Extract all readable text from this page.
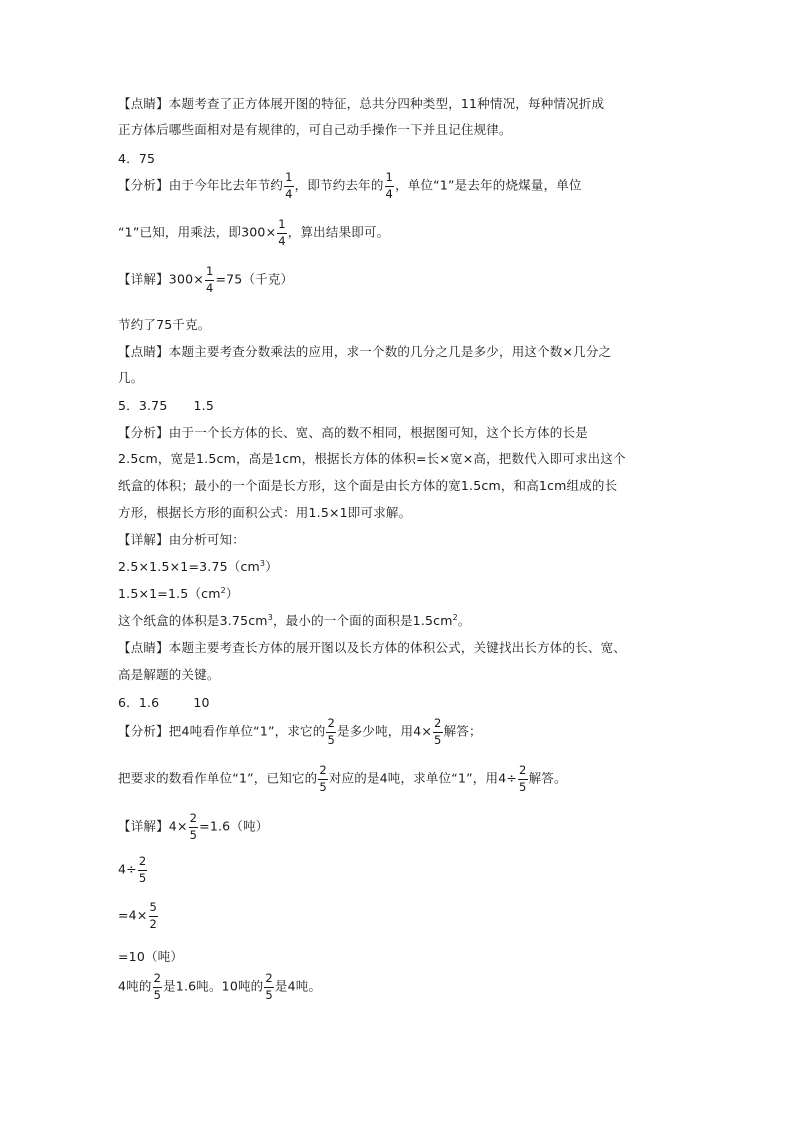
【点睛】本题考查了正方体展开图的特征，总共分四种类型，11种情况，每种情况折成
正方体后哪些面相对是有规律的，可自己动手操作一下并且记住规律。
4．75
【分析】由于今年比去年节约 $\frac{1}{4}$ ，即节约去年的 $\frac{1}{4}$ ，单位“1”是去年的烧煤量，单位
“1”已知，用乘法，即$300\times \frac{1}{4}$ ，算出结果即可。
【详解】$300\times \frac{1}{4} =75$（千克）
节约了75千克。
【点睛】本题主要考查分数乘法的应用，求一个数的几分之几是多少，用这个数×几分之
几。
5．3.75 1.5
【分析】由于一个长方体的长、宽、高的数不相同，根据图可知，这个长方体的长是
2.5cm，宽是1.5cm，高是1cm，根据长方体的体积=长×宽×高，把数代入即可求出这个
纸盒的体积；最小的一个面是长方形，这个面是由长方体的宽1.5cm，和高1cm组成的长
方形，根据长方形的面积公式：用1.5×1即可求解。
【详解】由分析可知：
$2.5\times 1.5\times 1=3.75(cm^3)$
$1.5\times 1=1.5(cm^2)$
这个纸盒的体积是$3.75cm^3$，最小的一个面的面积是$1.5cm^2$。
【点睛】本题主要考查长方体的展开图以及长方体的体积公式，关键找出长方体的长、宽、
高是解题的关键。
6．1.6	10
【分析】把4吨看作单位“1”，求它的 $\frac{2}{5}$ 是多少吨，用$4\times \frac{2}{5}$ 解答；
把要求的数看作单位“1”，已知它的 $\frac{2}{5}$ 对应的是4吨，求单位“1”，用$4\div \frac{2}{5}$ 解答。
【详解】$4\times \frac{2}{5} =1.6$（吨）
$4\div \frac{2}{5}$
$=4\times \frac{5}{2}$
=10（吨）
4吨的 $\frac{2}{5}$ 是1.6吨。10吨的 $\frac{2}{5}$ 是4吨。
